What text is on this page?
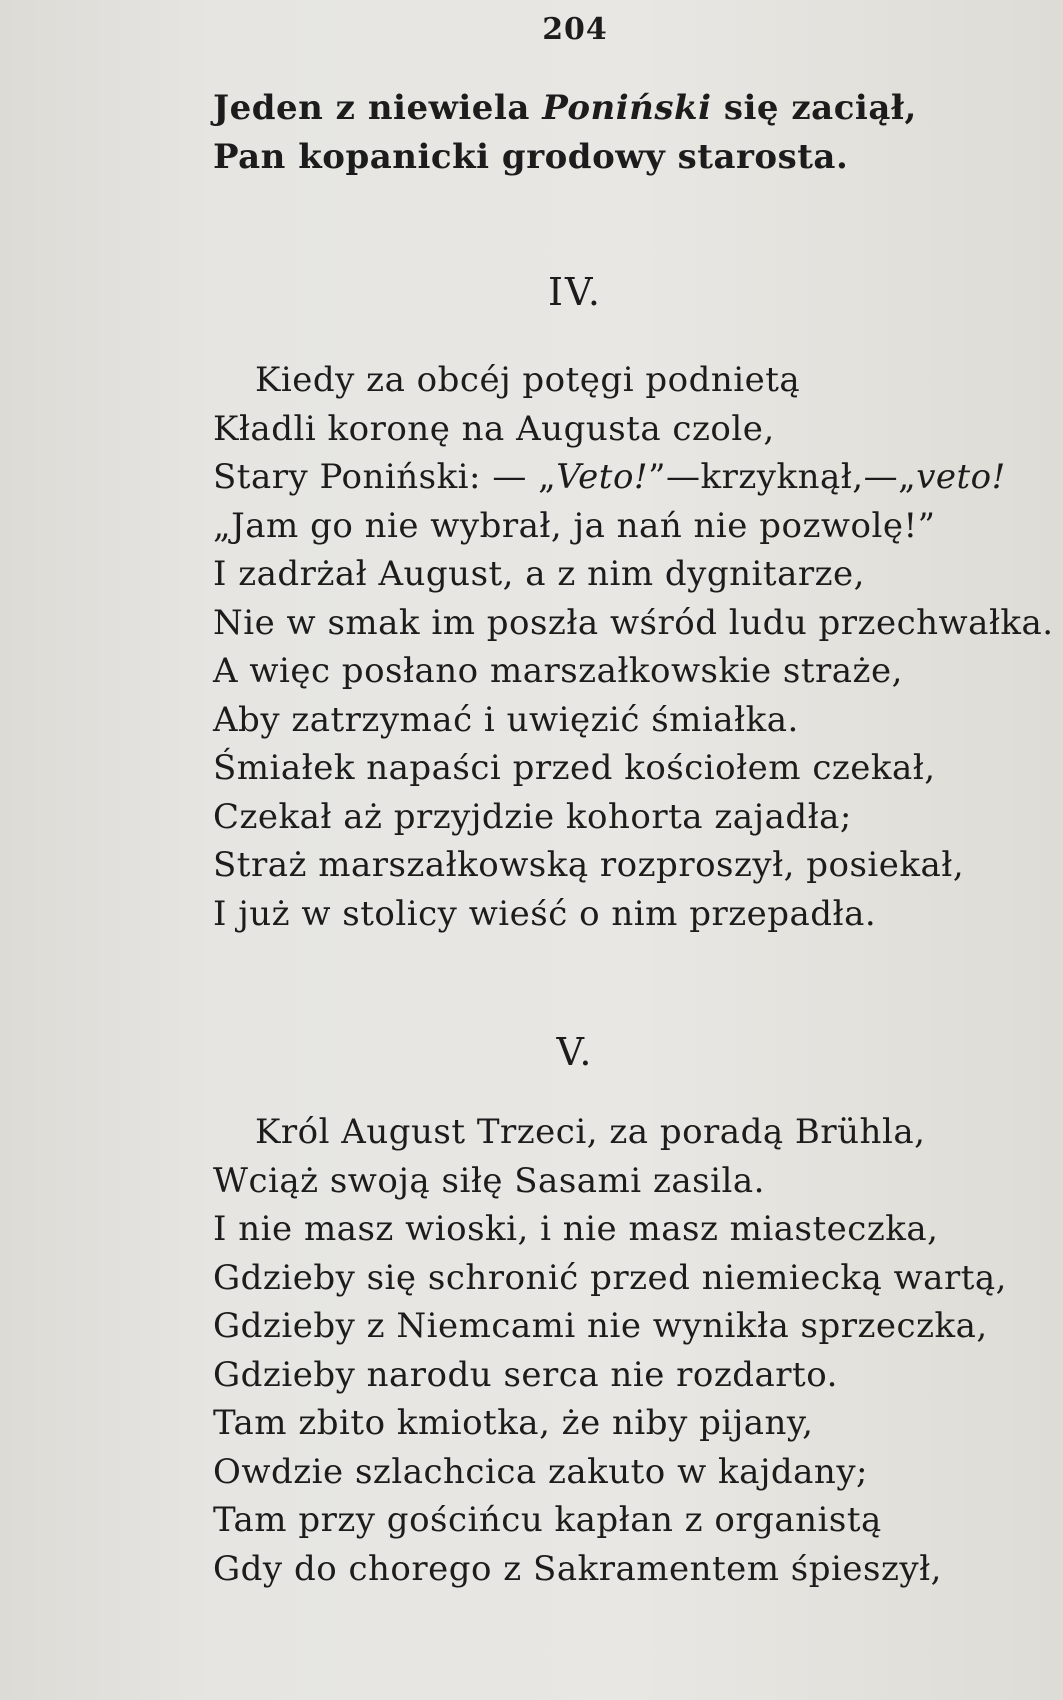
204
Jeden z niewiela Poniński się zaciął,
Pan kopanicki grodowy starosta.
IV.
Kiedy za obcéj potęgi podnietą
Kładli koronę na Augusta czole,
Stary Poniński: — „Veto!”—krzyknął,—„veto!
„Jam go nie wybrał, ja nań nie pozwolę!”
I zadrżał August, a z nim dygnitarze,
Nie w smak im poszła wśród ludu przechwałka.
A więc posłano marszałkowskie straże,
Aby zatrzymać i uwięzić śmiałka.
Śmiałek napaści przed kościołem czekał,
Czekał aż przyjdzie kohorta zajadła;
Straż marszałkowską rozproszył, posiekał,
I już w stolicy wieść o nim przepadła.
V.
Król August Trzeci, za poradą Brühla,
Wciąż swoją siłę Sasami zasila.
I nie masz wioski, i nie masz miasteczka,
Gdzieby się schronić przed niemiecką wartą,
Gdzieby z Niemcami nie wynikła sprzeczka,
Gdzieby narodu serca nie rozdarto.
Tam zbito kmiotka, że niby pijany,
Owdzie szlachcica zakuto w kajdany;
Tam przy gościńcu kapłan z organistą
Gdy do chorego z Sakramentem śpieszył,
